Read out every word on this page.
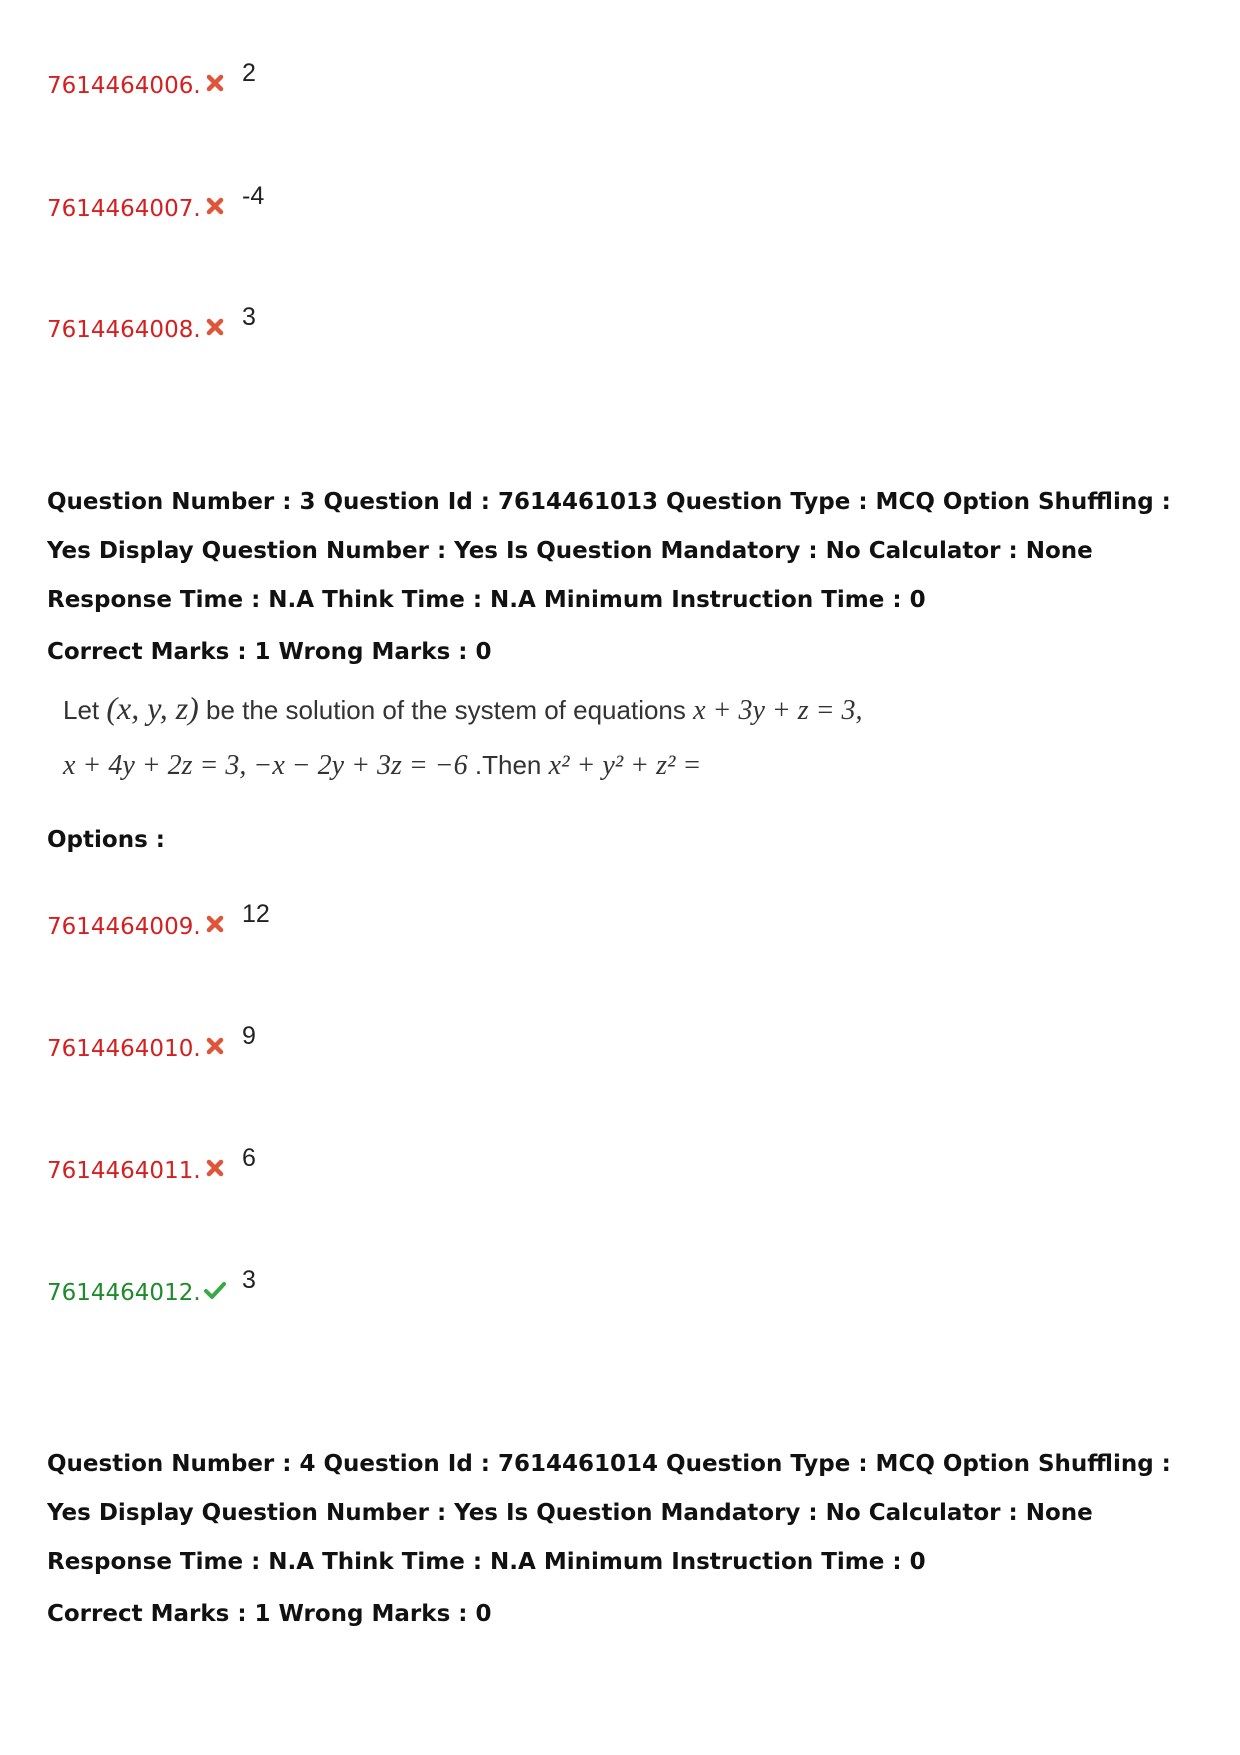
7614464006. 2
7614464007. -4
7614464008. 3
Question Number : 3 Question Id : 7614461013 Question Type : MCQ Option Shuffling : Yes Display Question Number : Yes Is Question Mandatory : No Calculator : None Response Time : N.A Think Time : N.A Minimum Instruction Time : 0
Correct Marks : 1 Wrong Marks : 0
Let (x, y, z) be the solution of the system of equations x + 3y + z = 3,
x + 4y + 2z = 3, −x − 2y + 3z = −6 .Then x² + y² + z² =
Options :
7614464009. 12
7614464010. 9
7614464011. 6
7614464012. 3
Question Number : 4 Question Id : 7614461014 Question Type : MCQ Option Shuffling : Yes Display Question Number : Yes Is Question Mandatory : No Calculator : None Response Time : N.A Think Time : N.A Minimum Instruction Time : 0
Correct Marks : 1 Wrong Marks : 0
